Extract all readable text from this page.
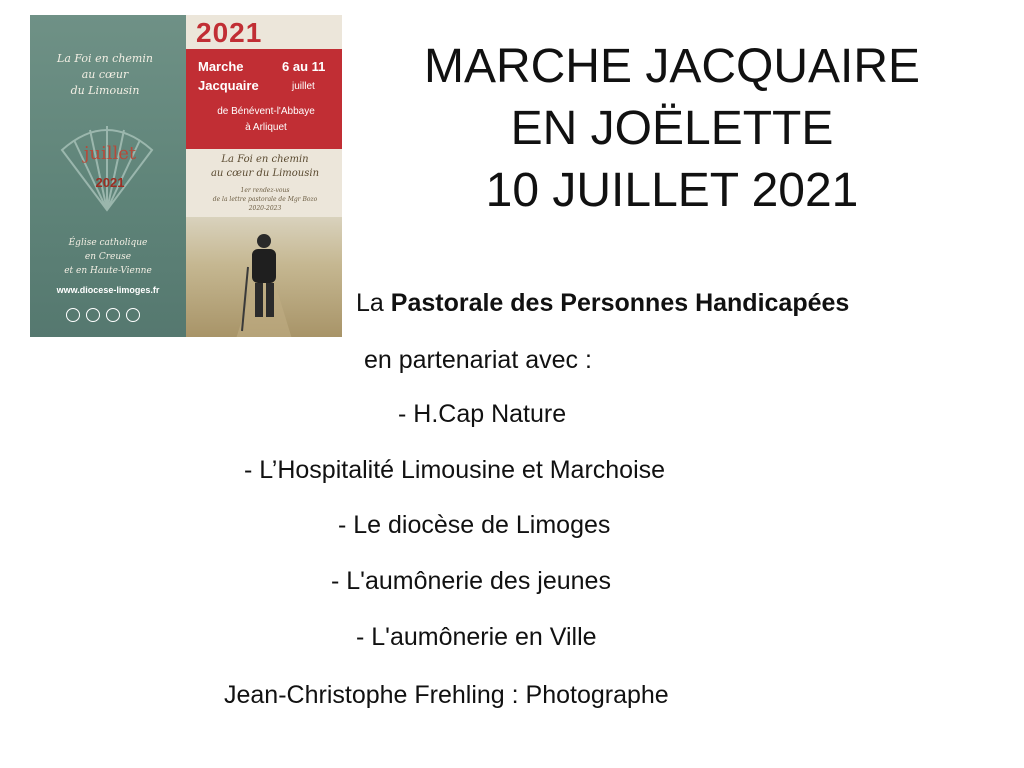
La Foi en chemin
au cœur
du Limousin
juillet
2021
Église catholique
en Creuse
et en Haute-Vienne
www.diocese-limoges.fr
2021
Marche
Jacquaire
6 au 11
juillet
de Bénévent-l'Abbaye
à Arliquet
La Foi en chemin
au cœur du Limousin
1er rendez-vous
de la lettre pastorale de Mgr Bozo
2020-2023
MARCHE JACQUAIRE
EN JOËLETTE
10 JUILLET 2021
La Pastorale des Personnes Handicapées
en partenariat avec :
- H.Cap Nature
- L’Hospitalité Limousine et Marchoise
- Le diocèse de Limoges
- L'aumônerie des jeunes
- L'aumônerie en Ville
Jean-Christophe Frehling : Photographe
